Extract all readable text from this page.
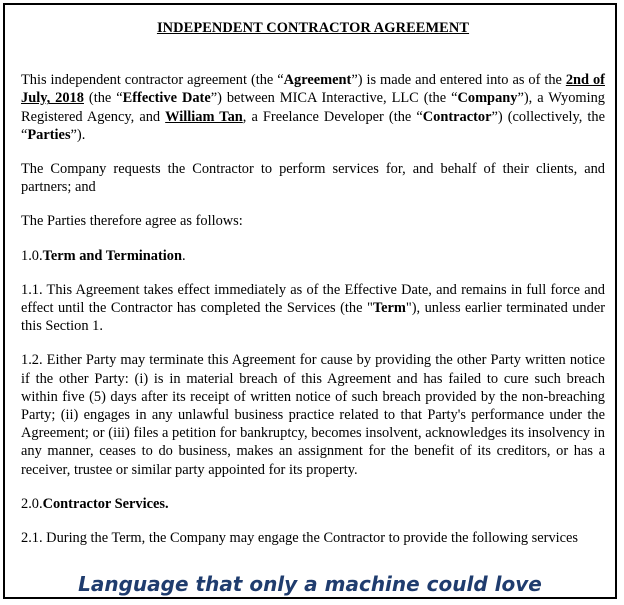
INDEPENDENT CONTRACTOR AGREEMENT

This independent contractor agreement (the “Agreement”) is made and entered into as of the 2nd of July, 2018 (the “Effective Date”) between MICA Interactive, LLC (the “Company”), a Wyoming Registered Agency, and William Tan, a Freelance Developer (the “Contractor”) (collectively, the “Parties”).

The Company requests the Contractor to perform services for, and behalf of their clients, and partners; and

The Parties therefore agree as follows:

1.0.Term and Termination.

1.1. This Agreement takes effect immediately as of the Effective Date, and remains in full force and effect until the Contractor has completed the Services (the "Term"), unless earlier terminated under this Section 1.

1.2. Either Party may terminate this Agreement for cause by providing the other Party written notice if the other Party: (i) is in material breach of this Agreement and has failed to cure such breach within five (5) days after its receipt of written notice of such breach provided by the non-breaching Party; (ii) engages in any unlawful business practice related to that Party's performance under the Agreement; or (iii) files a petition for bankruptcy, becomes insolvent, acknowledges its insolvency in any manner, ceases to do business, makes an assignment for the benefit of its creditors, or has a receiver, trustee or similar party appointed for its property.

2.0.Contractor Services.

2.1. During the Term, the Company may engage the Contractor to provide the following services

Language that only a machine could love
